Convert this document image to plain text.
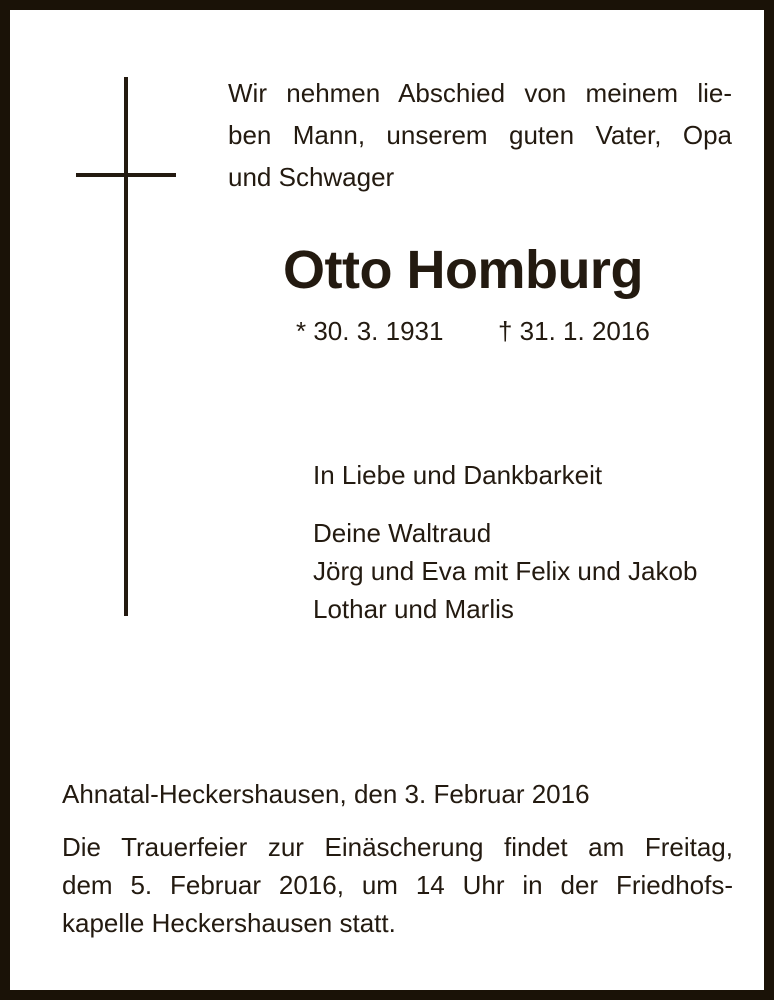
Wir nehmen Abschied von meinem lie-
ben Mann, unserem guten Vater, Opa
und Schwager
Otto Homburg
* 30. 3. 1931 † 31. 1. 2016
In Liebe und Dankbarkeit
Deine Waltraud
Jörg und Eva mit Felix und Jakob
Lothar und Marlis
Ahnatal-Heckershausen, den 3. Februar 2016
Die Trauerfeier zur Einäscherung findet am Freitag,
dem 5. Februar 2016, um 14 Uhr in der Friedhofs-
kapelle Heckershausen statt.
